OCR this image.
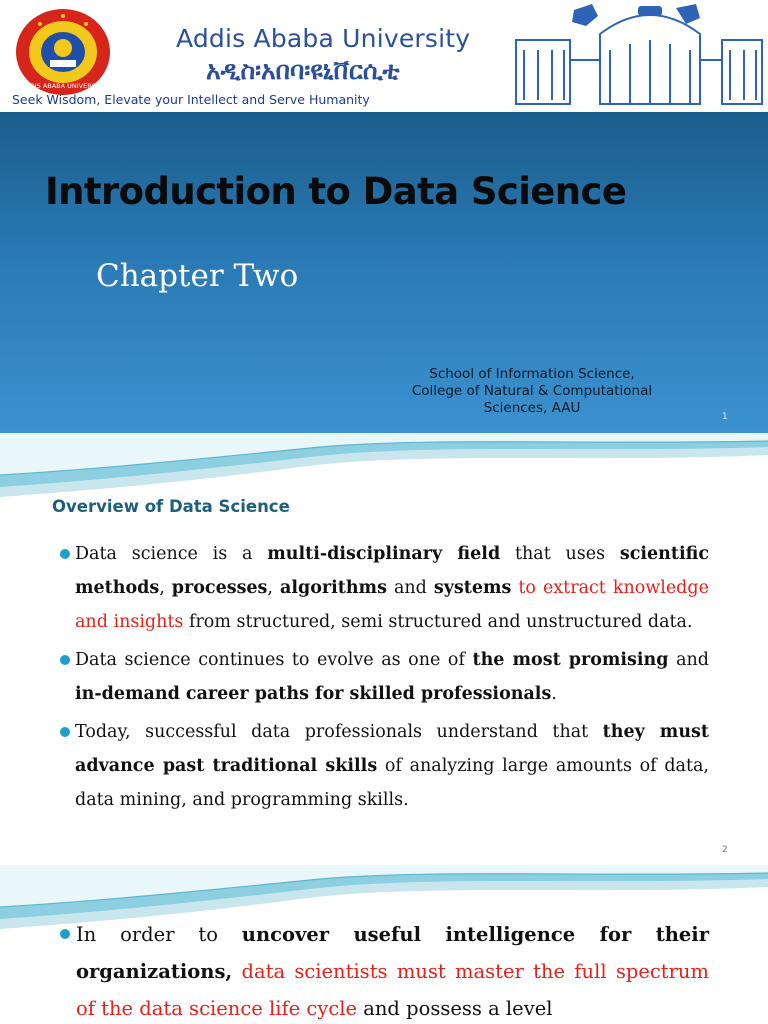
ADDIS ABABA UNIVERSITY
Addis Ababa University
አዲስ፡አበባ፡ዩኒቨርሲቲ
Seek Wisdom, Elevate your Intellect and Serve Humanity
Introduction to Data Science
Chapter Two
School of Information Science,
College of Natural & Computational
Sciences, AAU
1
Overview of Data Science

Data science is a multi-disciplinary field that uses scientific methods, processes, algorithms and systems to extract knowledge and insights from structured, semi structured and unstructured data.

Data science continues to evolve as one of the most promising and in-demand career paths for skilled professionals.

Today, successful data professionals understand that they must advance past traditional skills of analyzing large amounts of data, data mining, and programming skills.

2

In order to uncover useful intelligence for their organizations, data scientists must master the full spectrum of the data science life cycle and possess a level
